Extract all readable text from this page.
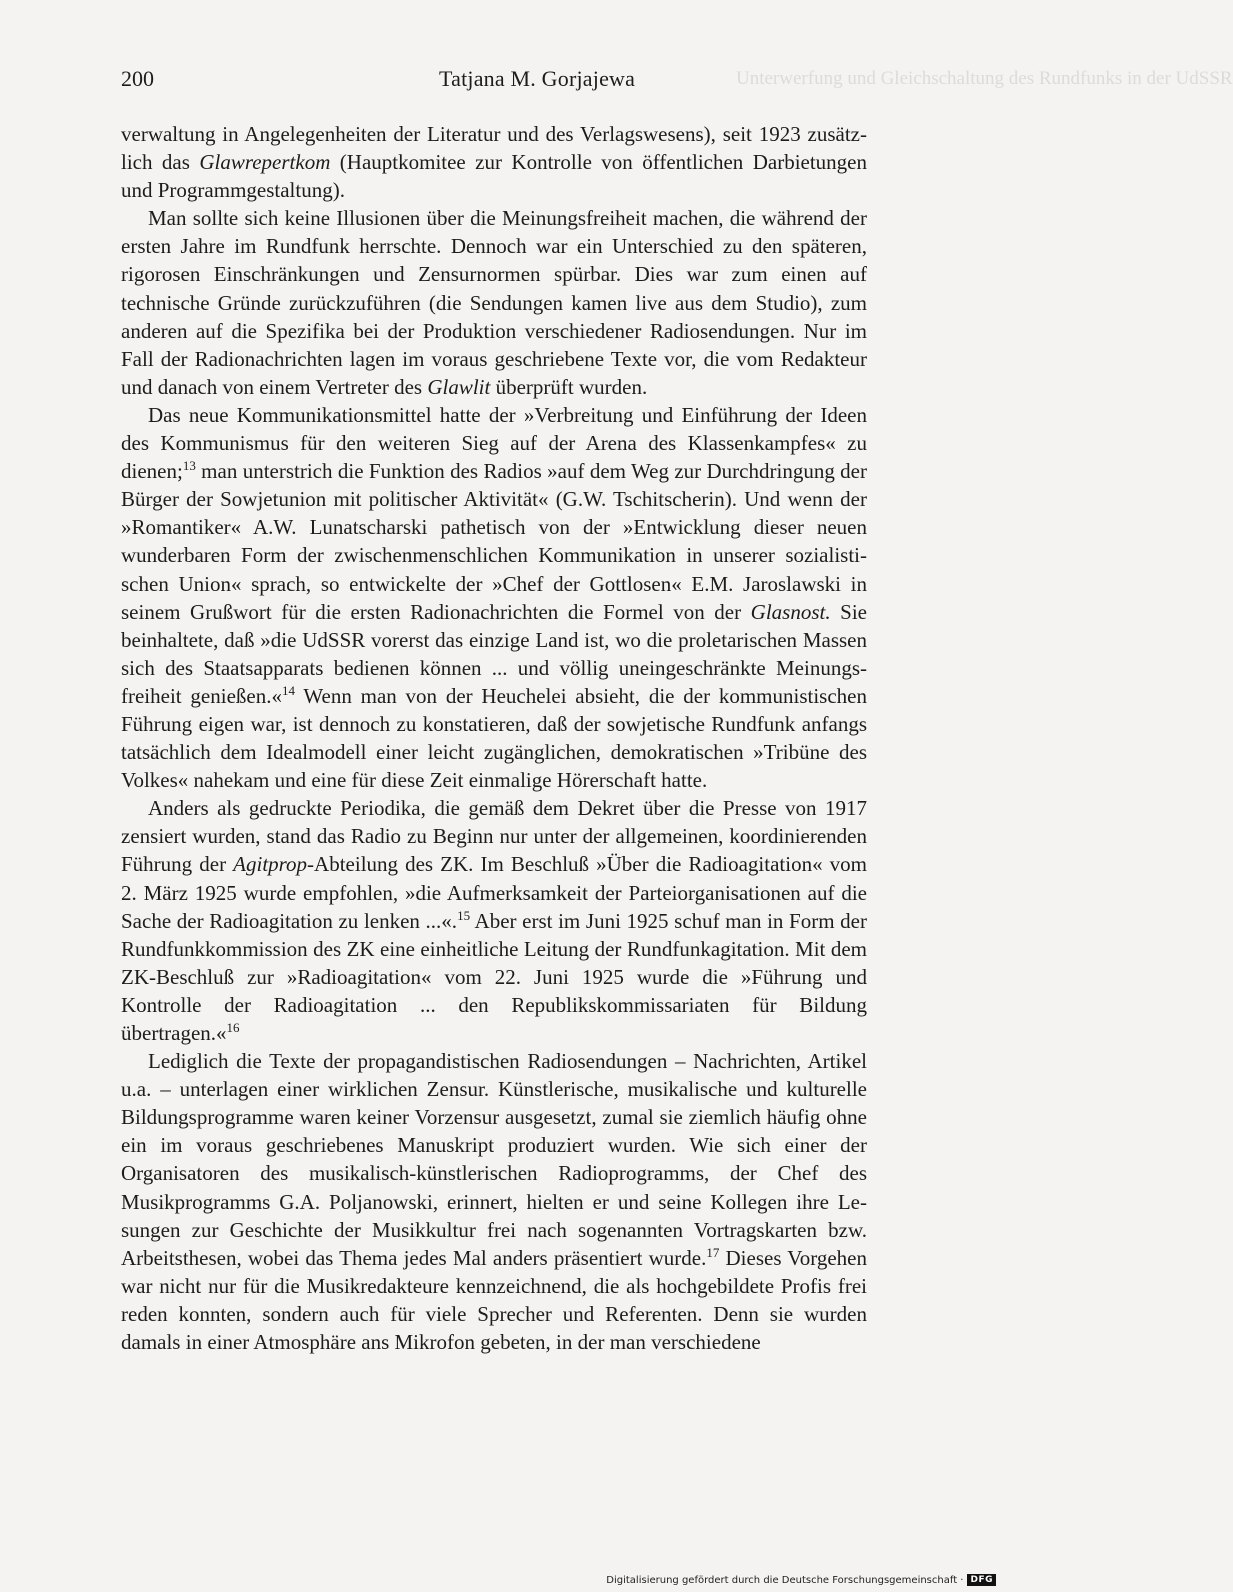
200	Tatjana M. Gorjajewa	Unterwerfung und Gleichschaltung des Rundfunks in der UdSSR

verwaltung in Angelegenheiten der Literatur und des Verlagswesens), seit 1923 zusätzlich das Glawrepertkom (Hauptkomitee zur Kontrolle von öffentlichen Darbietungen und Programmgestaltung).

Man sollte sich keine Illusionen über die Meinungsfreiheit machen, die während der ersten Jahre im Rundfunk herrschte. Dennoch war ein Unterschied zu den späteren, rigorosen Einschränkungen und Zensurnormen spürbar. Dies war zum einen auf technische Gründe zurückzuführen (die Sendungen kamen live aus dem Studio), zum anderen auf die Spezifika bei der Produktion verschiedener Radiosendungen. Nur im Fall der Radionachrichten lagen im voraus geschriebene Texte vor, die vom Redakteur und danach von einem Vertreter des Glawlit überprüft wurden.

Das neue Kommunikationsmittel hatte der »Verbreitung und Einführung der Ideen des Kommunismus für den weiteren Sieg auf der Arena des Klassenkampfes« zu dienen;$^{13}$ man unterstrich die Funktion des Radios »auf dem Weg zur Durchdringung der Bürger der Sowjetunion mit politischer Aktivität« (G.W. Tschitscherin). Und wenn der »Romantiker« A.W. Lunatscharski pathetisch von der »Entwicklung dieser neuen wunderbaren Form der zwischenmenschlichen Kommunikation in unserer sozialistischen Union« sprach, so entwickelte der »Chef der Gottlosen« E.M. Jaroslawski in seinem Grußwort für die ersten Radionachrichten die Formel von der Glasnost. Sie beinhaltete, daß »die UdSSR vorerst das einzige Land ist, wo die proletarischen Massen sich des Staatsapparats bedienen können ... und völlig uneingeschränkte Meinungsfreiheit genießen.«$^{14}$ Wenn man von der Heuchelei absieht, die der kommunistischen Führung eigen war, ist dennoch zu konstatieren, daß der sowjetische Rundfunk anfangs tatsächlich dem Idealmodell einer leicht zugänglichen, demokratischen »Tribüne des Volkes« nahekam und eine für diese Zeit einmalige Hörerschaft hatte.

Anders als gedruckte Periodika, die gemäß dem Dekret über die Presse von 1917 zensiert wurden, stand das Radio zu Beginn nur unter der allgemeinen, koordinierenden Führung der Agitprop-Abteilung des ZK. Im Beschluß »Über die Radioagitation« vom 2. März 1925 wurde empfohlen, »die Aufmerksamkeit der Parteiorganisationen auf die Sache der Radioagitation zu lenken ...«.$^{15}$ Aber erst im Juni 1925 schuf man in Form der Rundfunkkommission des ZK eine einheitliche Leitung der Rundfunkagitation. Mit dem ZK-Beschluß zur »Radioagitation« vom 22. Juni 1925 wurde die »Führung und Kontrolle der Radioagitation ... den Republikskommissariaten für Bildung übertragen.«$^{16}$

Lediglich die Texte der propagandistischen Radiosendungen – Nachrichten, Artikel u.a. – unterlagen einer wirklichen Zensur. Künstlerische, musikalische und kulturelle Bildungsprogramme waren keiner Vorzensur ausgesetzt, zumal sie ziemlich häufig ohne ein im voraus geschriebenes Manuskript produziert wurden. Wie sich einer der Organisatoren des musikalisch-künstlerischen Radioprogramms, der Chef des Musikprogramms G.A. Poljanowski, erinnert, hielten er und seine Kollegen ihre Lesungen zur Geschichte der Musikkultur frei nach sogenannten Vortragskarten bzw. Arbeitsthesen, wobei das Thema jedes Mal anders präsentiert wurde.$^{17}$ Dieses Vorgehen war nicht nur für die Musikredakteure kennzeichnend, die als hochgebildete Profis frei reden konnten, sondern auch für viele Sprecher und Referenten. Denn sie wurden damals in einer Atmosphäre ans Mikrofon gebeten, in der man verschiedene

Digitalisierung gefördert durch die Deutsche Forschungsgemeinschaft · DFG
